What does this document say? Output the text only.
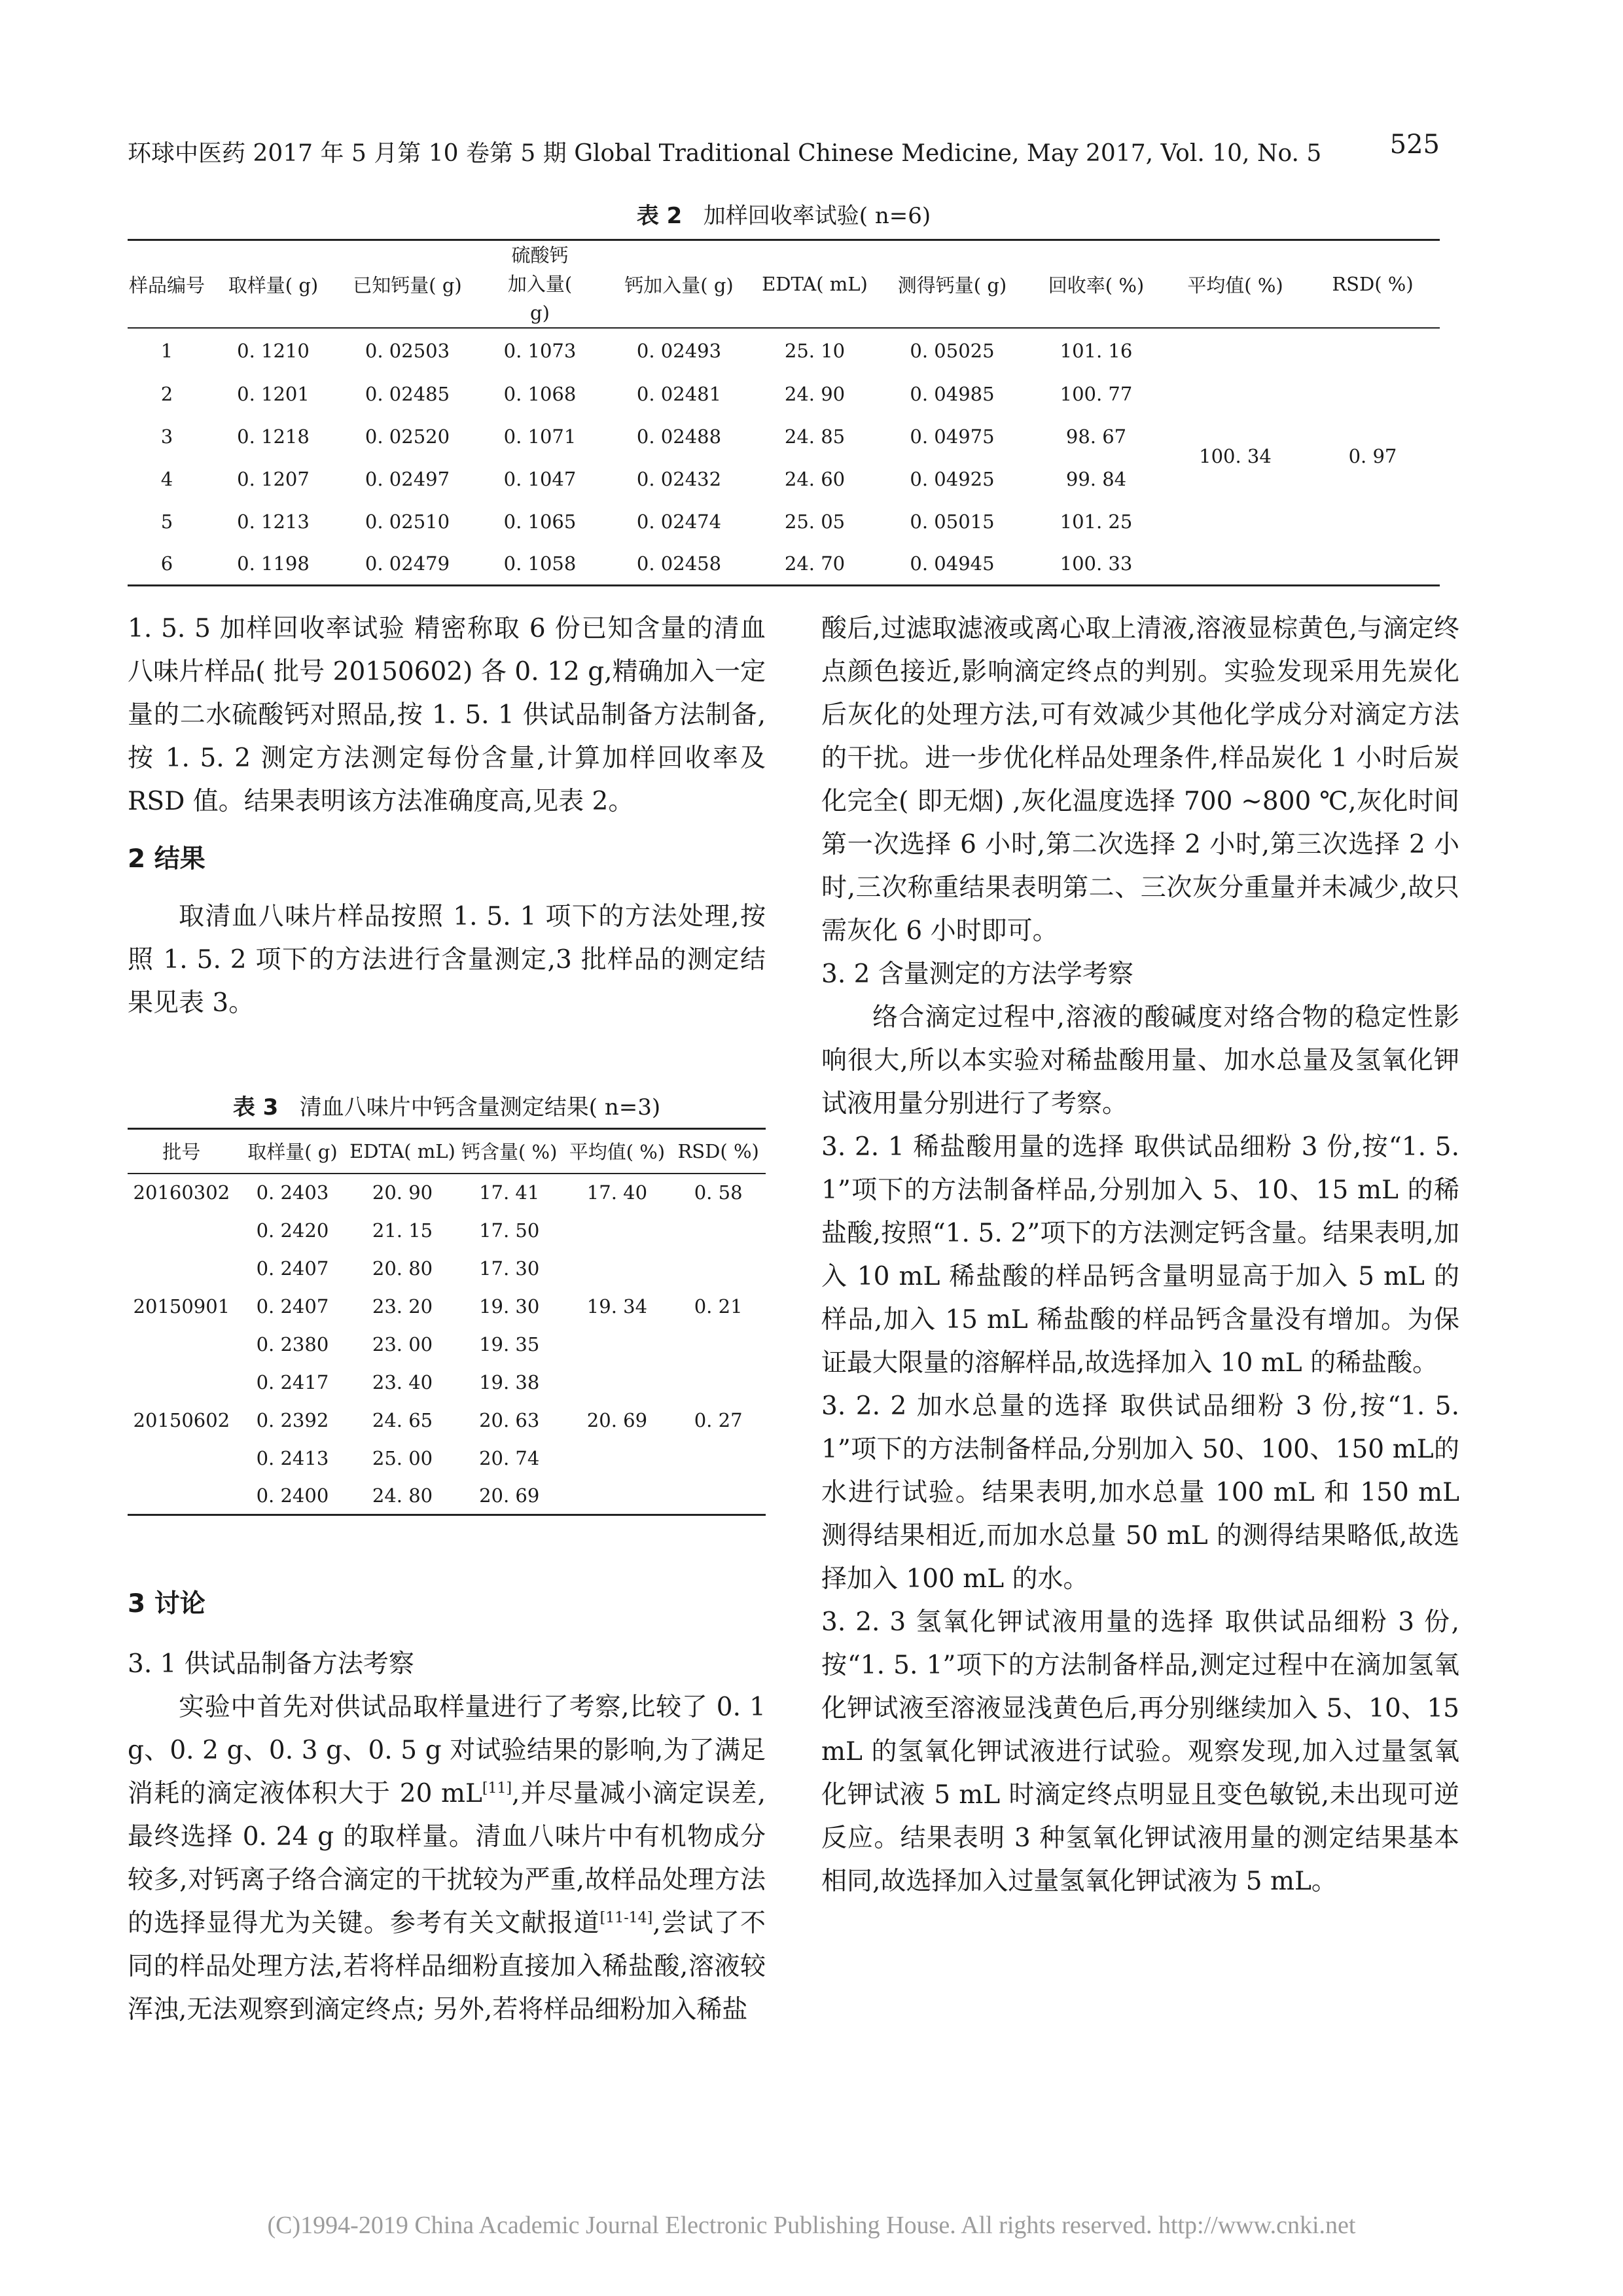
环球中医药 2017 年 5 月第 10 卷第 5 期 Global Traditional Chinese Medicine, May 2017, Vol. 10, No. 5	525
表 2 加样回收率试验( n=6)
样品编号	取样量( g)	已知钙量( g)	硫酸钙 加入量( g)	钙加入量( g)	EDTA( mL)	测得钙量( g)	回收率( %)	平均值( %)	RSD( %)
1	0. 1210	0. 02503	0. 1073	0. 02493	25. 10	0. 05025	101. 16	100. 34	0. 97
2	0. 1201	0. 02485	0. 1068	0. 02481	24. 90	0. 04985	100. 77		
3	0. 1218	0. 02520	0. 1071	0. 02488	24. 85	0. 04975	98. 67		
4	0. 1207	0. 02497	0. 1047	0. 02432	24. 60	0. 04925	99. 84		
5	0. 1213	0. 02510	0. 1065	0. 02474	25. 05	0. 05015	101. 25		
6	0. 1198	0. 02479	0. 1058	0. 02458	24. 70	0. 04945	100. 33		

1. 5. 5 加样回收率试验 精密称取 6 份已知含量的清血八味片样品( 批号 20150602) 各 0. 12 g,精确加入一定量的二水硫酸钙对照品,按 1. 5. 1 供试品制备方法制备,按 1. 5. 2 测定方法测定每份含量,计算加样回收率及 RSD 值。结果表明该方法准确度高,见表 2。

2 结果

取清血八味片样品按照 1. 5. 1 项下的方法处理,按照 1. 5. 2 项下的方法进行含量测定,3 批样品的测定结果见表 3。

表 3 清血八味片中钙含量测定结果( n=3)
批号	取样量( g)	EDTA( mL)	钙含量( %)	平均值( %)	RSD( %)
20160302	0. 2403	20. 90	17. 41	17. 40	0. 58
	0. 2420	21. 15	17. 50		
	0. 2407	20. 80	17. 30		
20150901	0. 2407	23. 20	19. 30	19. 34	0. 21
	0. 2380	23. 00	19. 35		
	0. 2417	23. 40	19. 38		
20150602	0. 2392	24. 65	20. 63	20. 69	0. 27
	0. 2413	25. 00	20. 74		
	0. 2400	24. 80	20. 69		

3 讨论

3. 1 供试品制备方法考察

实验中首先对供试品取样量进行了考察,比较了 0. 1 g、0. 2 g、0. 3 g、0. 5 g 对试验结果的影响,为了满足消耗的滴定液体积大于 20 mL[11],并尽量减小滴定误差,最终选择 0. 24 g 的取样量。清血八味片中有机物成分较多,对钙离子络合滴定的干扰较为严重,故样品处理方法的选择显得尤为关键。参考有关文献报道[11-14],尝试了不同的样品处理方法,若将样品细粉直接加入稀盐酸,溶液较浑浊,无法观察到滴定终点; 另外,若将样品细粉加入稀盐

酸后,过滤取滤液或离心取上清液,溶液显棕黄色,与滴定终点颜色接近,影响滴定终点的判别。实验发现采用先炭化后灰化的处理方法,可有效减少其他化学成分对滴定方法的干扰。进一步优化样品处理条件,样品炭化 1 小时后炭化完全( 即无烟) ,灰化温度选择 700 ~800 ℃,灰化时间第一次选择 6 小时,第二次选择 2 小时,第三次选择 2 小时,三次称重结果表明第二、三次灰分重量并未减少,故只需灰化 6 小时即可。

3. 2 含量测定的方法学考察

络合滴定过程中,溶液的酸碱度对络合物的稳定性影响很大,所以本实验对稀盐酸用量、加水总量及氢氧化钾试液用量分别进行了考察。

3. 2. 1 稀盐酸用量的选择 取供试品细粉 3 份,按“1. 5. 1”项下的方法制备样品,分别加入 5、10、15 mL 的稀盐酸,按照“1. 5. 2”项下的方法测定钙含量。结果表明,加入 10 mL 稀盐酸的样品钙含量明显高于加入 5 mL 的样品,加入 15 mL 稀盐酸的样品钙含量没有增加。为保证最大限量的溶解样品,故选择加入 10 mL 的稀盐酸。

3. 2. 2 加水总量的选择 取供试品细粉 3 份,按“1. 5. 1”项下的方法制备样品,分别加入 50、100、150 mL的水进行试验。结果表明,加水总量 100 mL 和 150 mL 测得结果相近,而加水总量 50 mL 的测得结果略低,故选择加入 100 mL 的水。

3. 2. 3 氢氧化钾试液用量的选择 取供试品细粉 3 份,按“1. 5. 1”项下的方法制备样品,测定过程中在滴加氢氧化钾试液至溶液显浅黄色后,再分别继续加入 5、10、15 mL 的氢氧化钾试液进行试验。观察发现,加入过量氢氧化钾试液 5 mL 时滴定终点明显且变色敏锐,未出现可逆反应。结果表明 3 种氢氧化钾试液用量的测定结果基本相同,故选择加入过量氢氧化钾试液为 5 mL。

(C)1994-2019 China Academic Journal Electronic Publishing House. All rights reserved. http://www.cnki.net
